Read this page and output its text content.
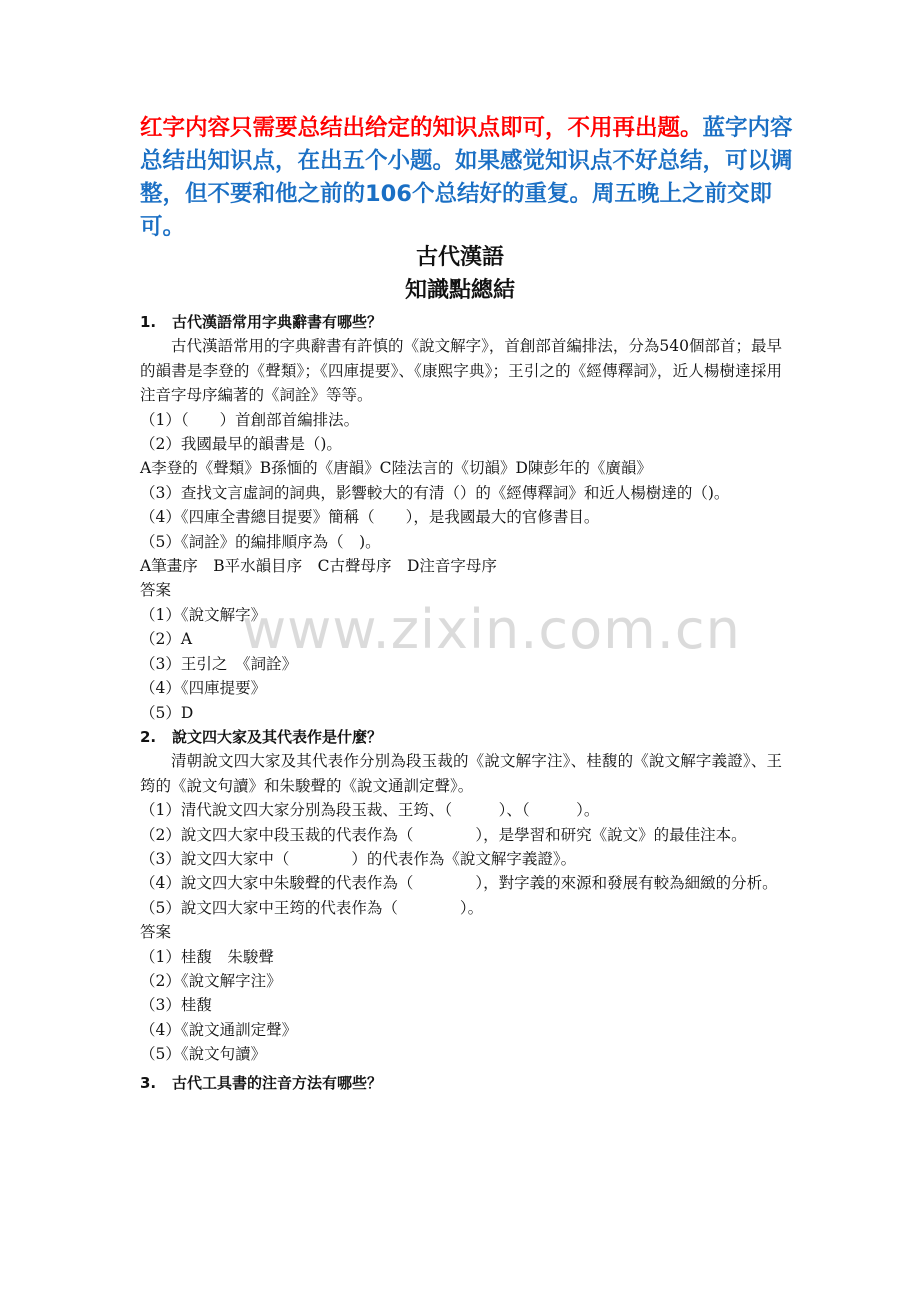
红字内容只需要总结出给定的知识点即可，不用再出题。蓝字内容总结出知识点，在出五个小题。如果感觉知识点不好总结，可以调整，但不要和他之前的106个总结好的重复。周五晚上之前交即可。
古代漢語
知識點總結

1. 古代漢語常用字典辭書有哪些？

古代漢語常用的字典辭書有許慎的《說文解字》，首創部首編排法，分為540個部首；最早的韻書是李登的《聲類》；《四庫提要》、《康熙字典》；王引之的《經傳釋詞》，近人楊樹達採用注音字母序編著的《詞詮》等等。

（1）（　　）首創部首編排法。

（2）我國最早的韻書是（)。

A李登的《聲類》B孫愐的《唐韻》C陸法言的《切韻》D陳彭年的《廣韻》

（3）查找文言虛詞的詞典，影響較大的有清（）的《經傳釋詞》和近人楊樹達的（)。

（4）《四庫全書總目提要》簡稱（　　），是我國最大的官修書目。

（5）《詞詮》的編排順序為（　)。

A筆畫序　B平水韻目序　C古聲母序　D注音字母序

答案

（1）《說文解字》

（2）A

（3）王引之　《詞詮》

（4）《四庫提要》

（5）D

2. 說文四大家及其代表作是什麼？

清朝說文四大家及其代表作分別為段玉裁的《說文解字注》、桂馥的《說文解字義證》、王筠的《說文句讀》和朱駿聲的《說文通訓定聲》。

（1）清代說文四大家分別為段玉裁、王筠、（　　　）、（　　　）。

（2）說文四大家中段玉裁的代表作為（　　　　），是學習和研究《說文》的最佳注本。

（3）說文四大家中（　　　　）的代表作為《說文解字義證》。

（4）說文四大家中朱駿聲的代表作為（　　　　），對字義的來源和發展有較為細緻的分析。

（5）說文四大家中王筠的代表作為（　　　　）。

答案

（1）桂馥　朱駿聲

（2）《說文解字注》

（3）桂馥

（4）《說文通訓定聲》

（5）《說文句讀》

3. 古代工具書的注音方法有哪些？

www.zixin.com.cn
